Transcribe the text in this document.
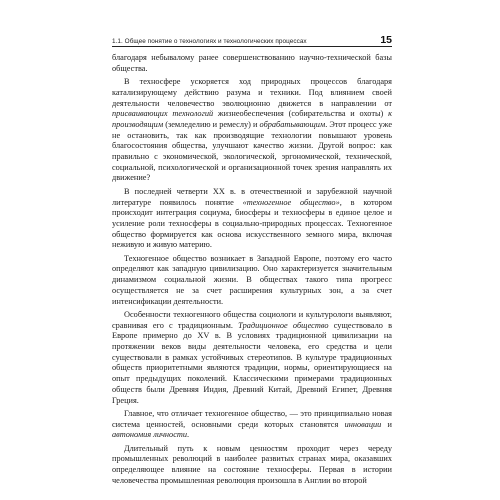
1.1. Общее понятие о технологиях и технологических процессах	15

благодаря небывалому ранее совершенствованию научно-технической базы общества.

В техносфере ускоряется ход природных процессов благодаря катализирующему действию разума и техники. Под влиянием своей деятельности человечество эволюционно движется в направлении от присваивающих технологий жизнеобеспечения (собирательства и охоты) к производящим (земледелию и ремеслу) и обрабатывающим. Этот процесс уже не остановить, так как производящие технологии повышают уровень благосостояния общества, улучшают качество жизни. Другой вопрос: как правильно с экономической, экологической, эргономической, технической, социальной, психологической и организационной точек зрения направлять их движение?

В последней четверти XX в. в отечественной и зарубежной научной литературе появилось понятие «техногенное общество», в котором происходит интеграция социума, биосферы и техносферы в единое целое и усиление роли техносферы в социально-природных процессах. Техногенное общество формируется как основа искусственного земного мира, включая неживую и живую материю.

Техногенное общество возникает в Западной Европе, поэтому его часто определяют как западную цивилизацию. Оно характеризуется значительным динамизмом социальной жизни. В обществах такого типа прогресс осуществляется не за счет расширения культурных зон, а за счет интенсификации деятельности.

Особенности техногенного общества социологи и культурологи выявляют, сравнивая его с традиционным. Традиционное общество существовало в Европе примерно до XV в. В условиях традиционной цивилизации на протяжении веков виды деятельности человека, его средства и цели существовали в рамках устойчивых стереотипов. В культуре традиционных обществ приоритетными являются традиции, нормы, ориентирующиеся на опыт предыдущих поколений. Классическими примерами традиционных обществ были Древняя Индия, Древний Китай, Древний Египет, Древняя Греция.

Главное, что отличает техногенное общество, — это принципиально новая система ценностей, основными среди которых становятся инновации и автономия личности.

Длительный путь к новым ценностям проходит через череду промышленных революций в наиболее развитых странах мира, оказавших определяющее влияние на состояние техносферы. Первая в истории человечества промышленная революция произошла в Англии во второй
